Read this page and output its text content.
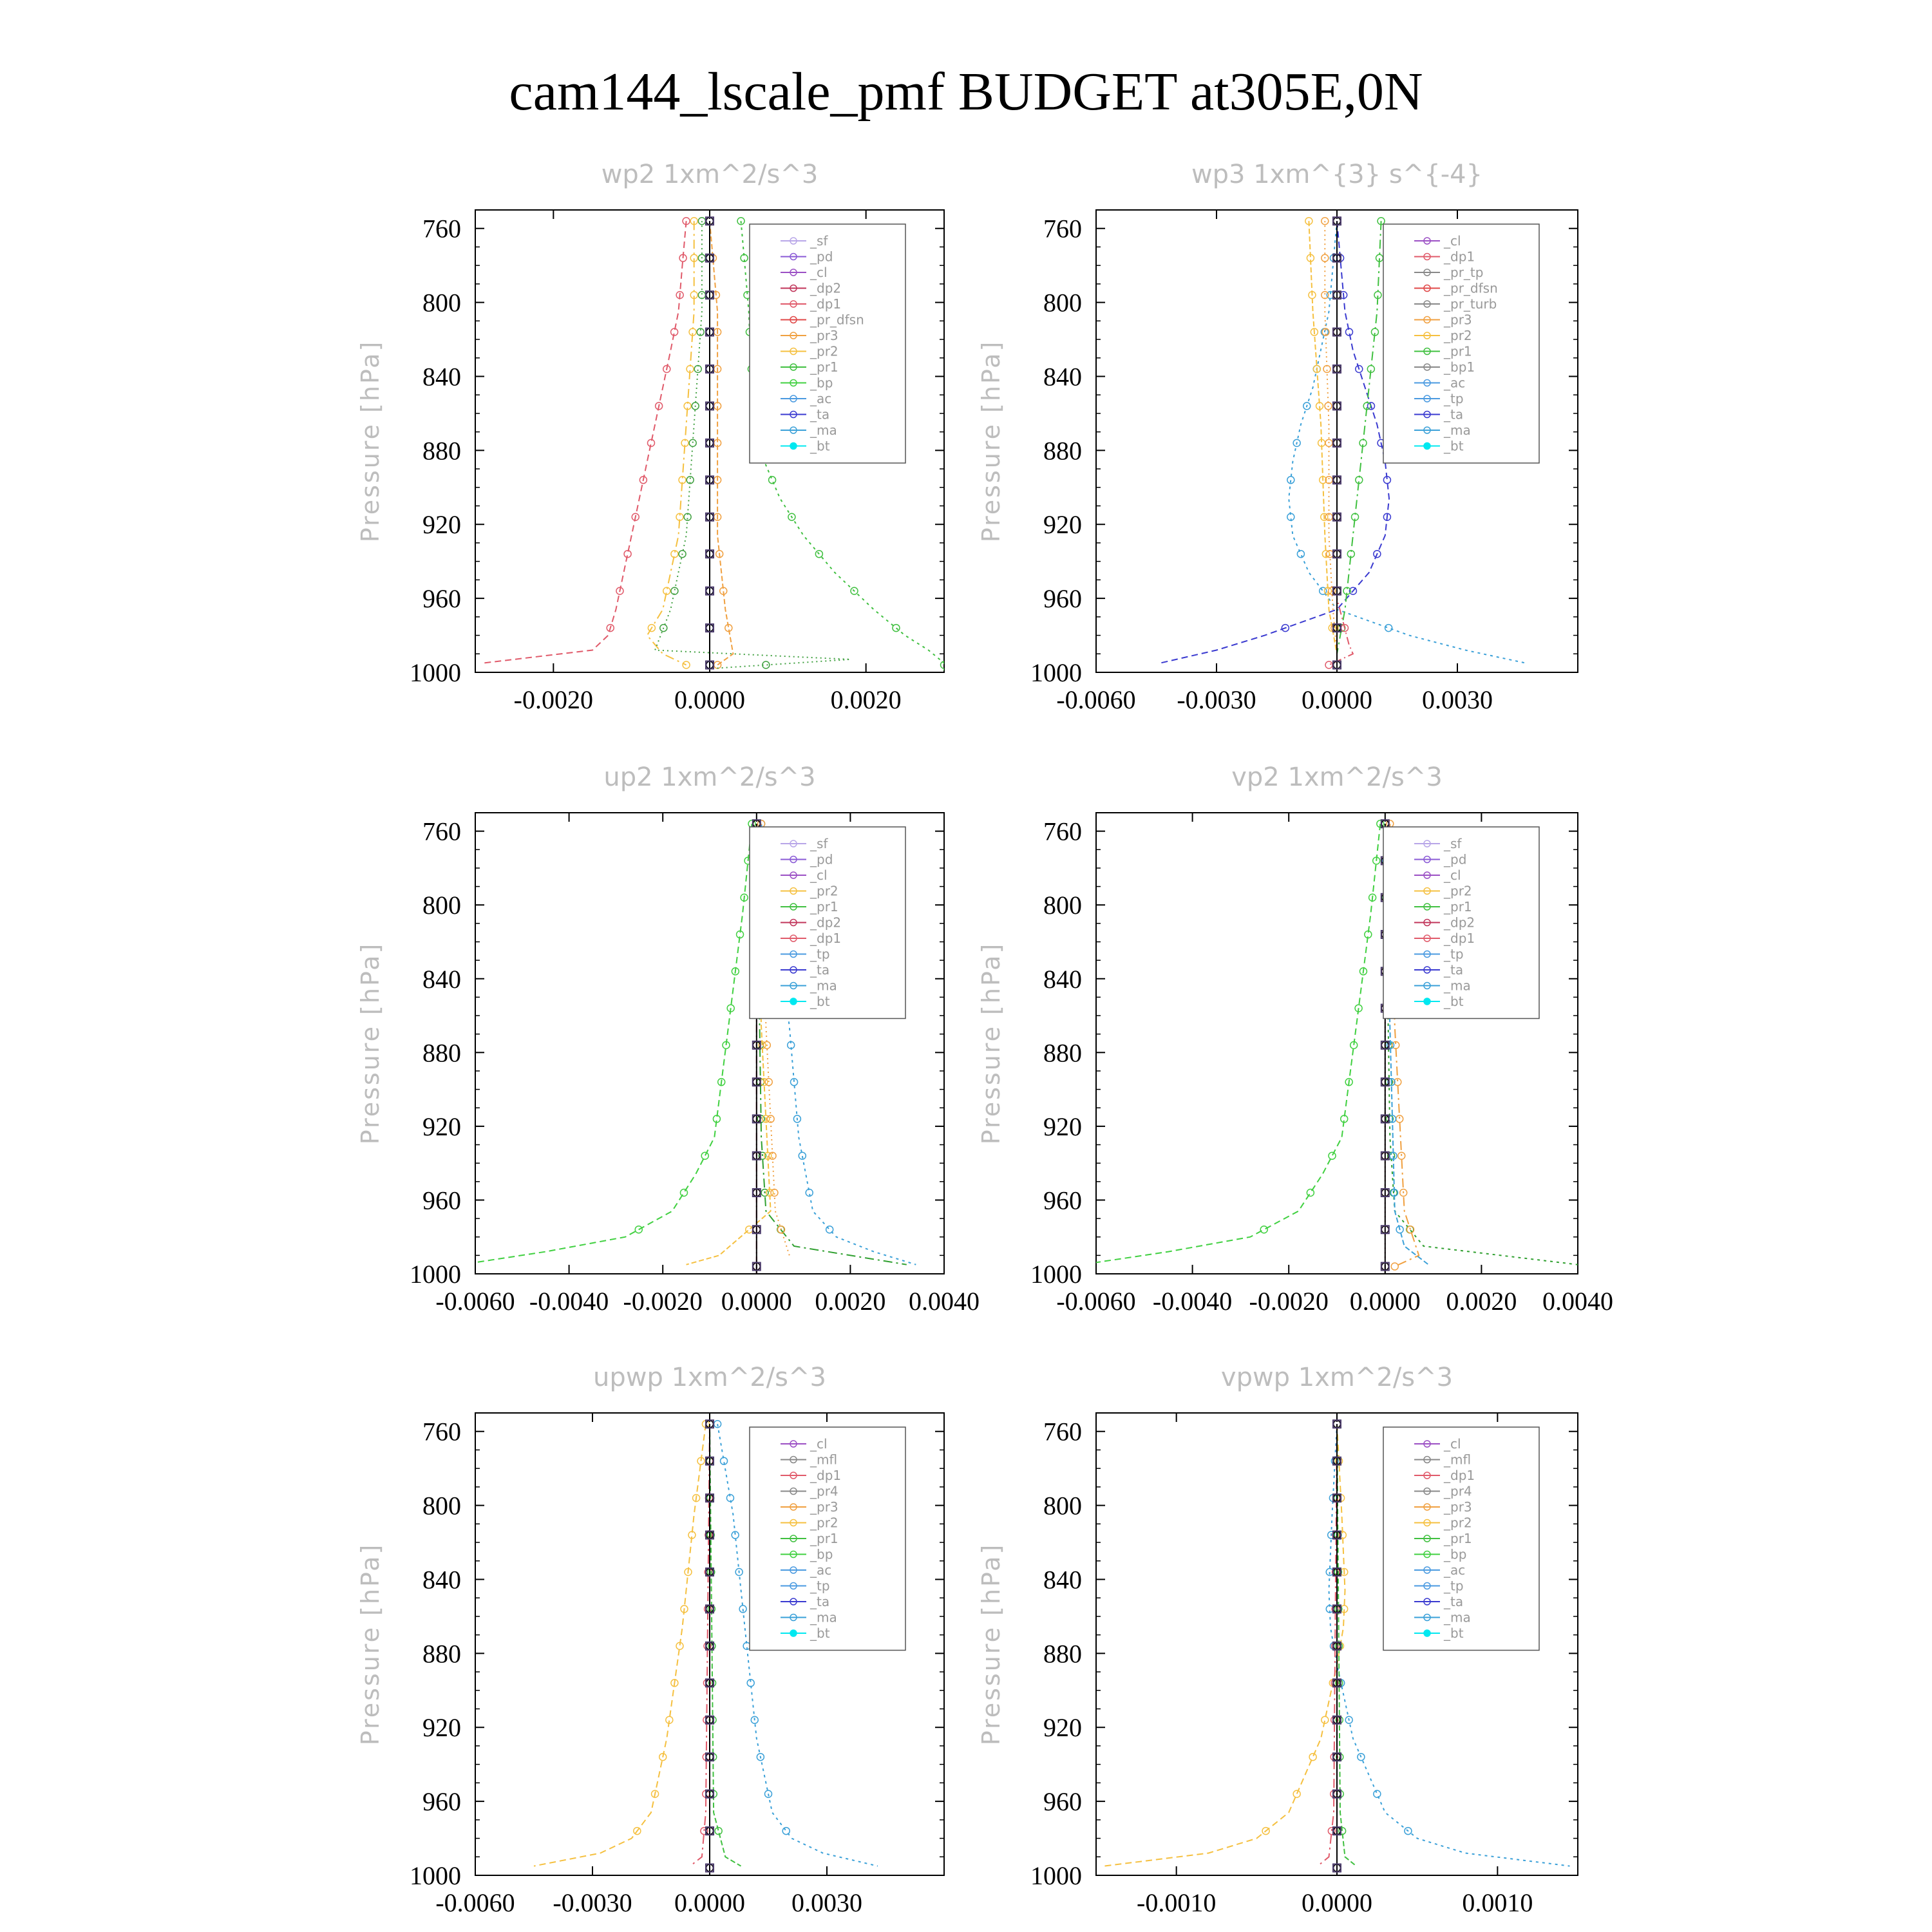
cam144_lscale_pmf BUDGET at305E,0N
wp2 1xm^2/s^3
Pressure [hPa]
760
800
840
880
920
960
1000
-0.0020	0.0000	0.0020
_sf
_pd
_cl
_dp2
_dp1
_pr_dfsn
_pr3
_pr2
_pr1
_bp
_ac
_ta
_ma
_bt
wp3 1xm^{3} s^{-4}
Pressure [hPa]
760
800
840
880
920
960
1000
-0.0060 -0.0030 0.0000 0.0030
_cl
_dp1
_pr_tp
_pr_dfsn
_pr_turb
_pr3
_pr2
_pr1
_bp1
_ac
_tp
_ta
_ma
_bt
up2 1xm^2/s^3
Pressure [hPa]
760
800
840
880
920
960
1000
-0.0060 -0.0040 -0.0020 0.0000 0.0020 0.0040
_sf
_pd
_cl
_pr2
_pr1
_dp2
_dp1
_tp
_ta
_ma
_bt
vp2 1xm^2/s^3
Pressure [hPa]
760
800
840
880
920
960
1000
-0.0060 -0.0040 -0.0020 0.0000 0.0020 0.0040
_sf
_pd
_cl
_pr2
_pr1
_dp2
_dp1
_tp
_ta
_ma
_bt
upwp 1xm^2/s^3
Pressure [hPa]
760
800
840
880
920
960
1000
-0.0060 -0.0030 0.0000 0.0030
_cl
_mfl
_dp1
_pr4
_pr3
_pr2
_pr1
_bp
_ac
_tp
_ta
_ma
_bt
vpwp 1xm^2/s^3
Pressure [hPa]
760
800
840
880
920
960
1000
-0.0010	0.0000	0.0010
_cl
_mfl
_dp1
_pr4
_pr3
_pr2
_pr1
_bp
_ac
_tp
_ta
_ma
_bt
